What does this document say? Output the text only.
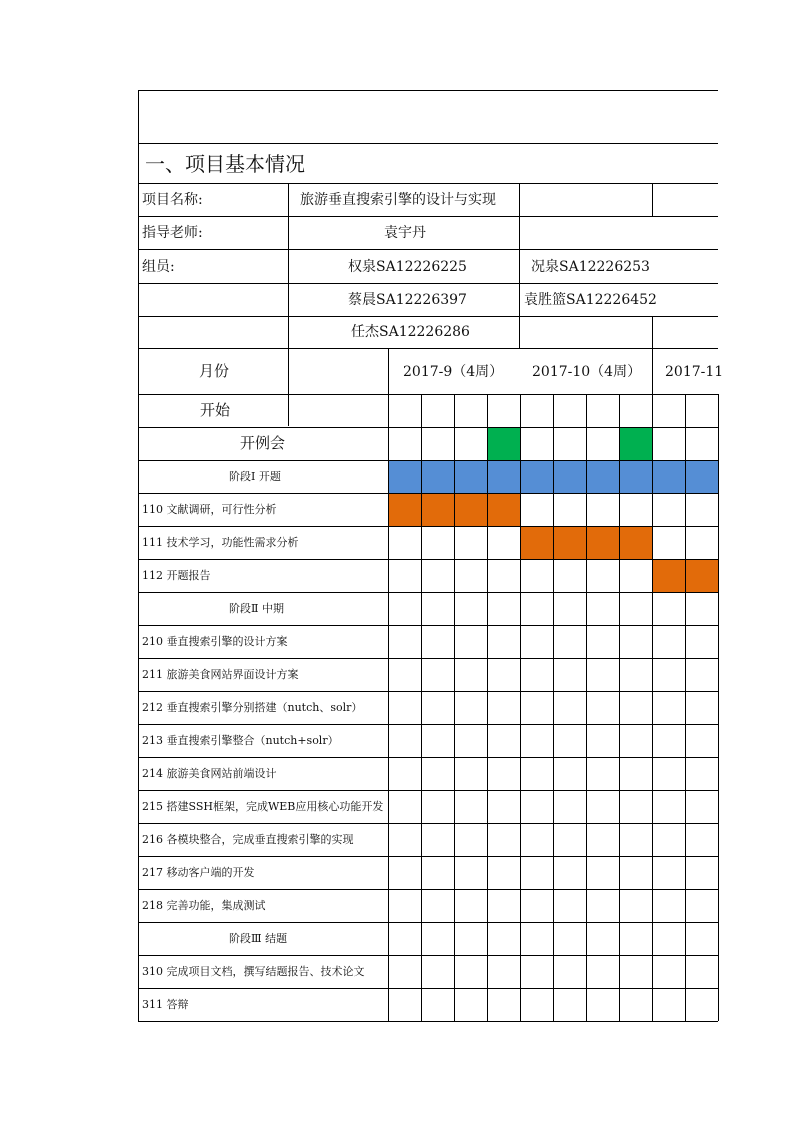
一、项目基本情况
项目名称:	旅游垂直搜索引擎的设计与实现
指导老师:	袁宇丹
组员:	权泉SA12226225	况泉SA12226253
蔡晨SA12226397	袁胜篮SA12226452
任杰SA12226286
月份	2017-9（4周） 2017-10（4周） 2017-11
开始
开例会
阶段Ⅰ 开题
110 文献调研，可行性分析
111 技术学习，功能性需求分析
112 开题报告
阶段Ⅱ 中期
210 垂直搜索引擎的设计方案
211 旅游美食网站界面设计方案
212 垂直搜索引擎分别搭建（nutch、solr）
213 垂直搜索引擎整合（nutch+solr）
214 旅游美食网站前端设计
215 搭建SSH框架，完成WEB应用核心功能开发
216 各模块整合，完成垂直搜索引擎的实现
217 移动客户端的开发
218 完善功能，集成测试
阶段Ⅲ 结题
310 完成项目文档，撰写结题报告、技术论文
311 答辩
